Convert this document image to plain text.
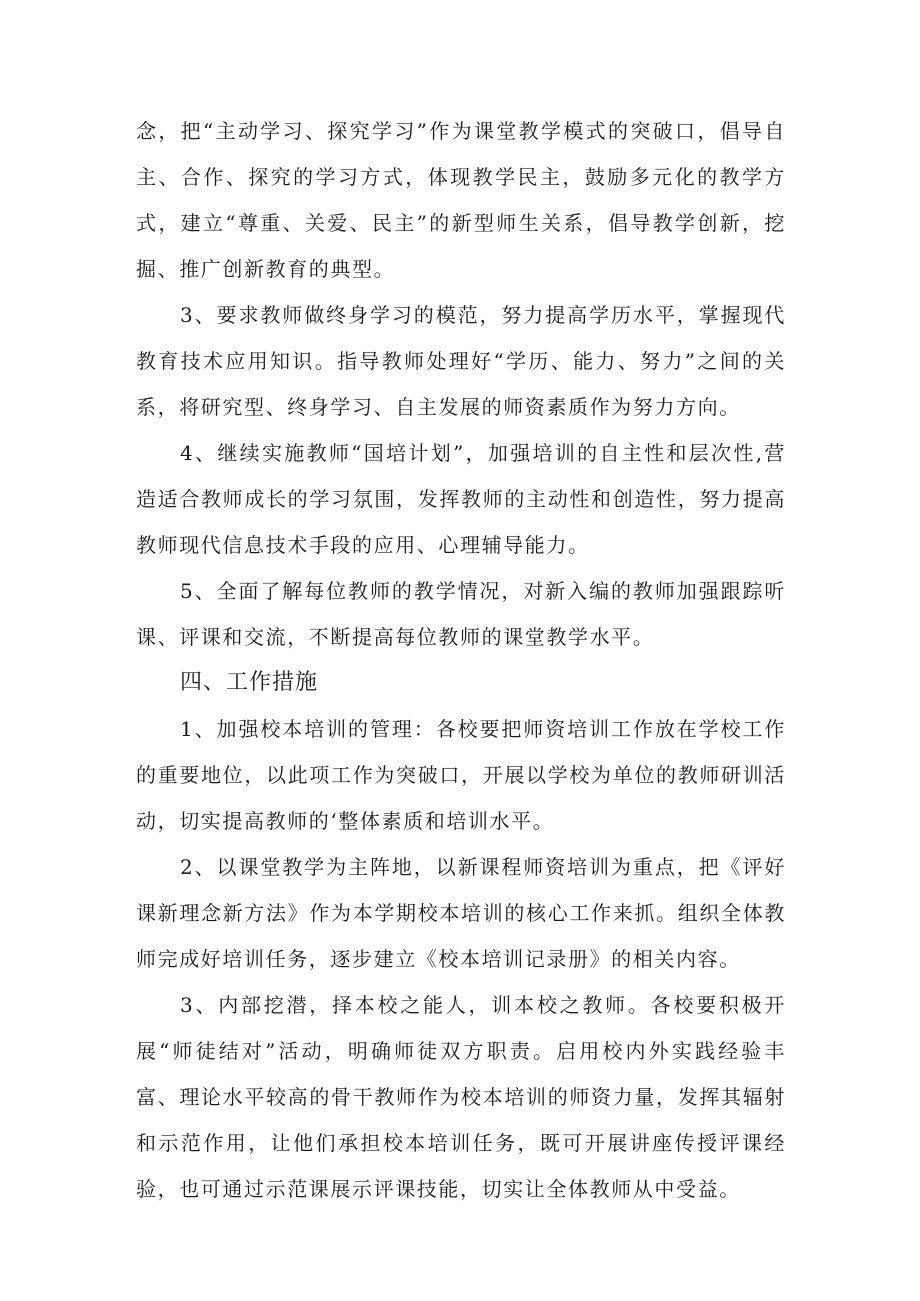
念，把“主动学习、探究学习”作为课堂教学模式的突破口，倡导自主、合作、探究的学习方式，体现教学民主，鼓励多元化的教学方式，建立“尊重、关爱、民主”的新型师生关系，倡导教学创新，挖掘、推广创新教育的典型。

3、要求教师做终身学习的模范，努力提高学历水平，掌握现代教育技术应用知识。指导教师处理好“学历、能力、努力”之间的关系，将研究型、终身学习、自主发展的师资素质作为努力方向。

4、继续实施教师“国培计划”，加强培训的自主性和层次性,营造适合教师成长的学习氛围，发挥教师的主动性和创造性，努力提高教师现代信息技术手段的应用、心理辅导能力。

5、全面了解每位教师的教学情况，对新入编的教师加强跟踪听课、评课和交流，不断提高每位教师的课堂教学水平。

四、工作措施

1、加强校本培训的管理：各校要把师资培训工作放在学校工作的重要地位，以此项工作为突破口，开展以学校为单位的教师研训活动，切实提高教师的‘整体素质和培训水平。

2、以课堂教学为主阵地，以新课程师资培训为重点，把《评好课新理念新方法》作为本学期校本培训的核心工作来抓。组织全体教师完成好培训任务，逐步建立《校本培训记录册》的相关内容。

3、内部挖潜，择本校之能人，训本校之教师。各校要积极开展“师徒结对”活动，明确师徒双方职责。启用校内外实践经验丰富、理论水平较高的骨干教师作为校本培训的师资力量，发挥其辐射和示范作用，让他们承担校本培训任务，既可开展讲座传授评课经验，也可通过示范课展示评课技能，切实让全体教师从中受益。
